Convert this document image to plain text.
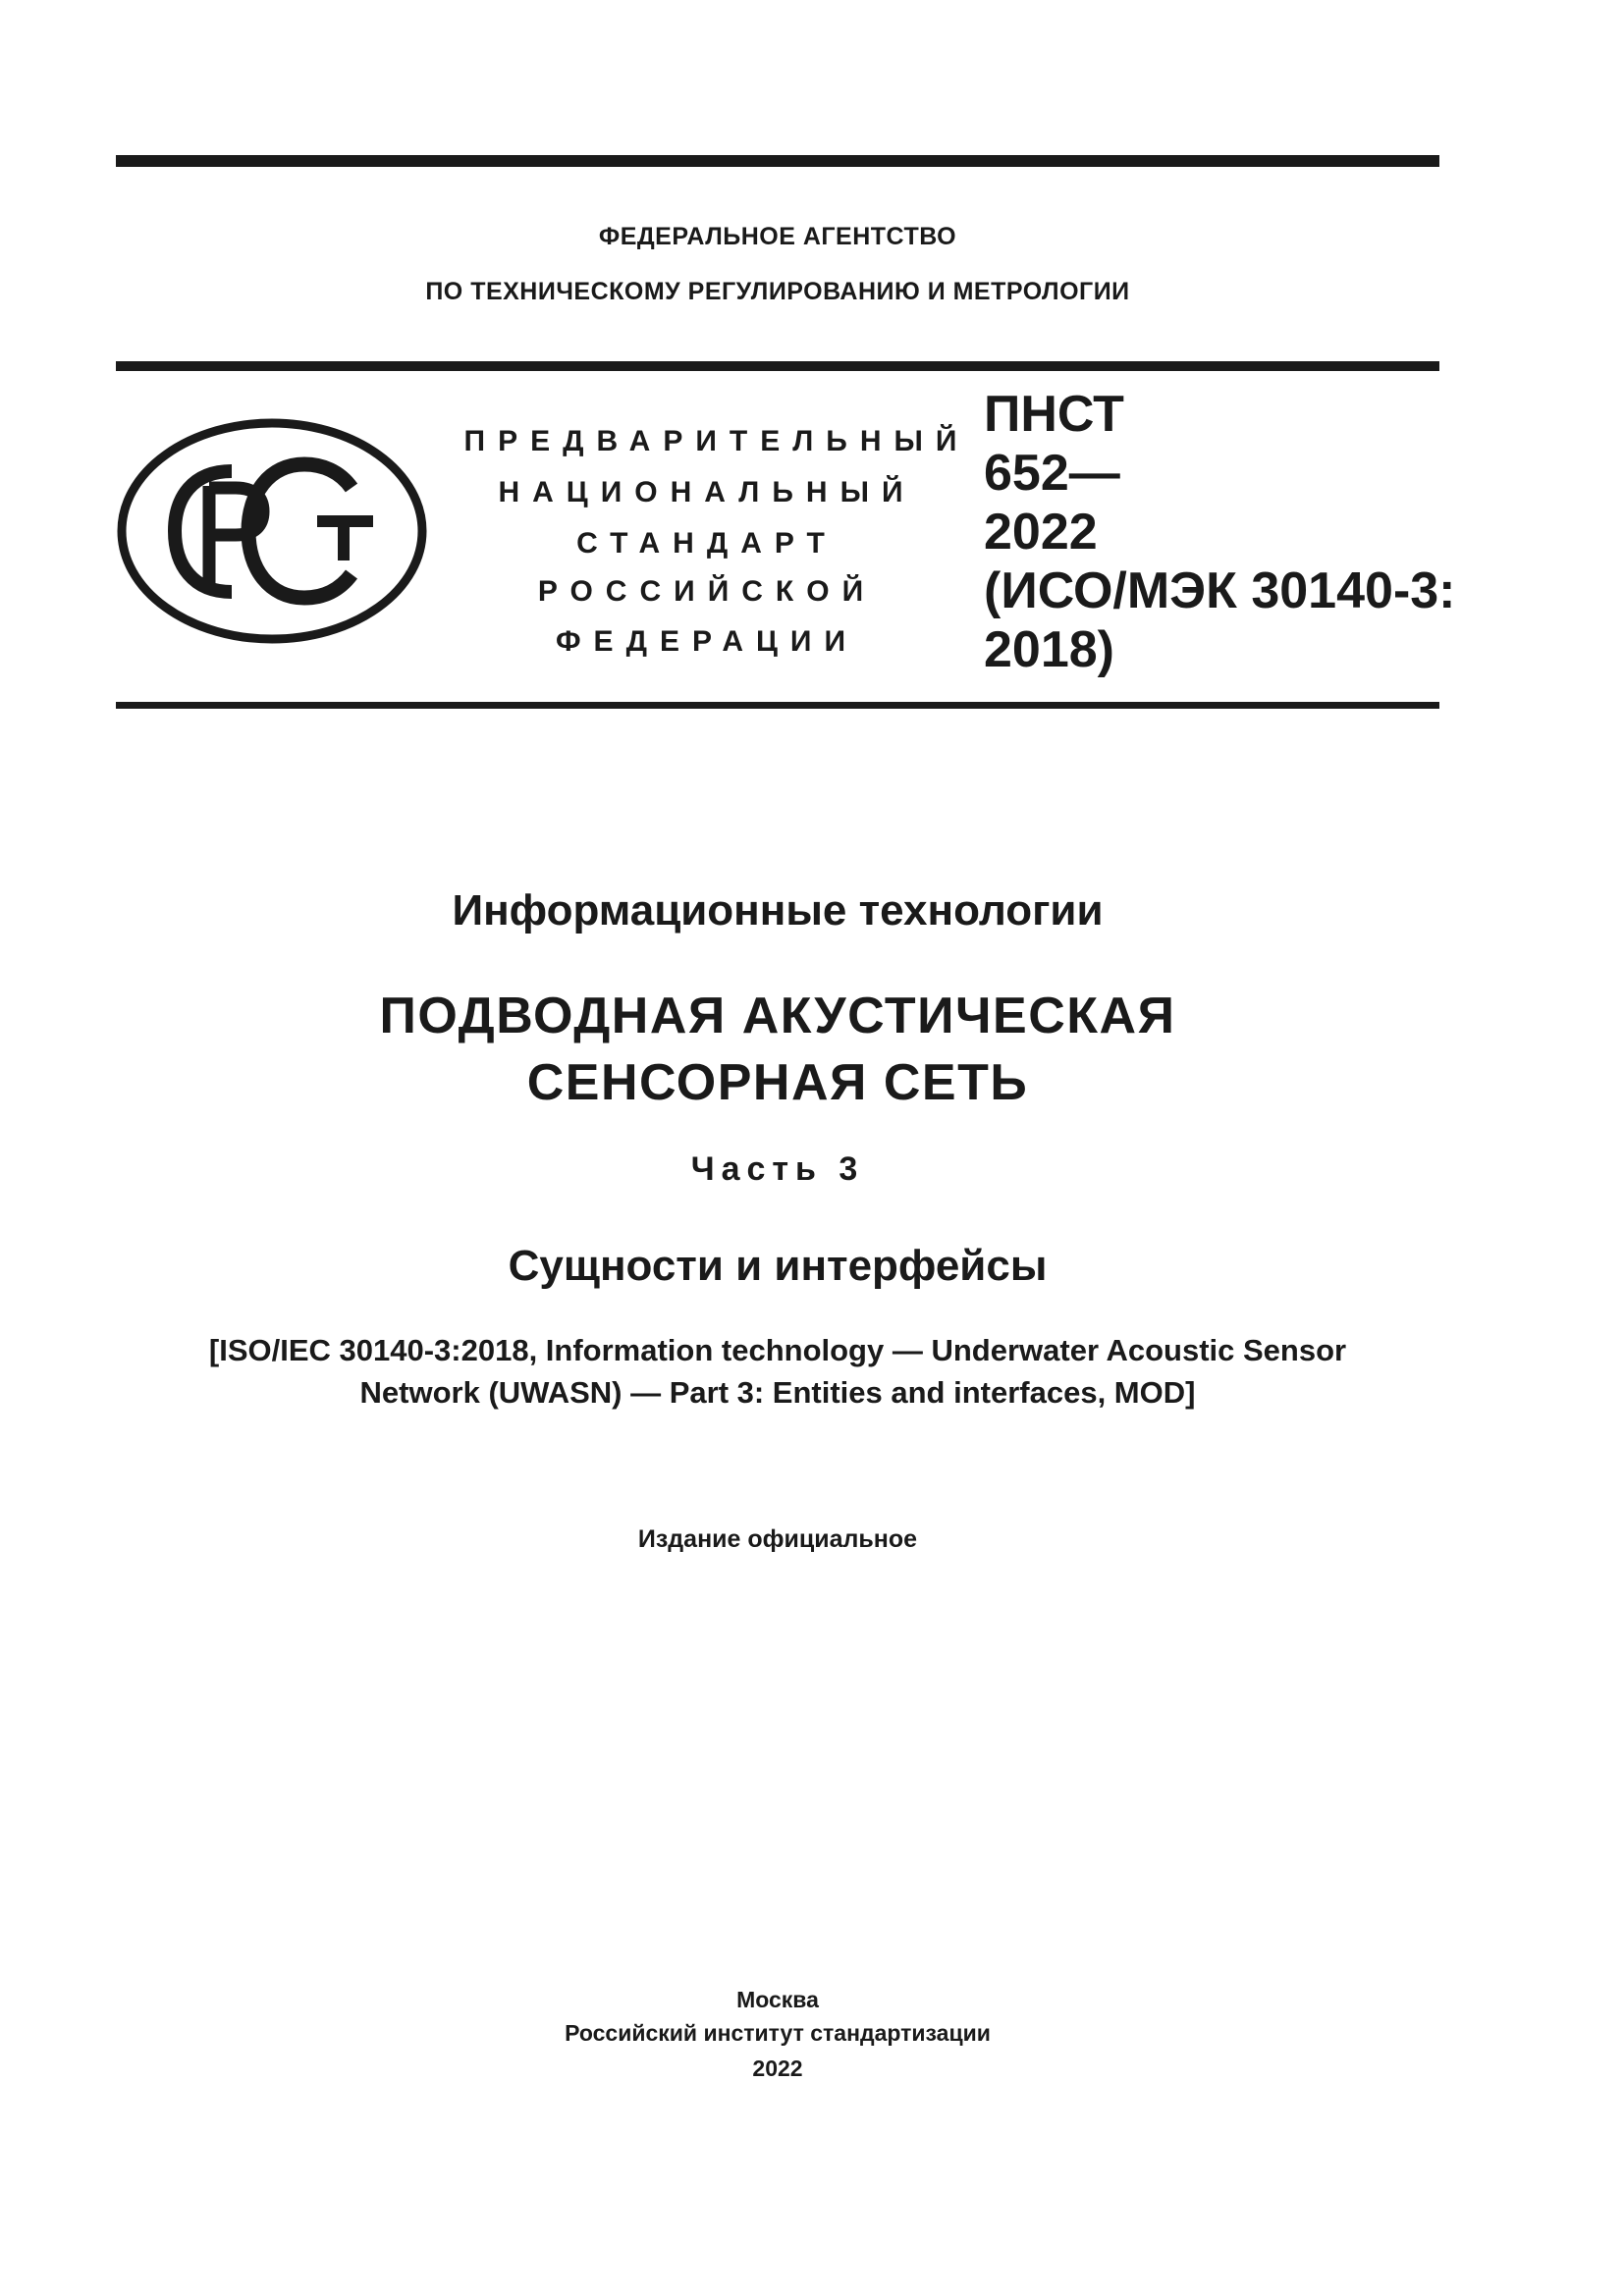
ФЕДЕРАЛЬНОЕ АГЕНТСТВО
ПО ТЕХНИЧЕСКОМУ РЕГУЛИРОВАНИЮ И МЕТРОЛОГИИ
ПРЕДВАРИТЕЛЬНЫЙ
НАЦИОНАЛЬНЫЙ
СТАНДАРТ
РОССИЙСКОЙ
ФЕДЕРАЦИИ
ПНСТ
652—
2022
(ИСО/МЭК 30140-3:
2018)
Информационные технологии
ПОДВОДНАЯ АКУСТИЧЕСКАЯ
СЕНСОРНАЯ СЕТЬ
Часть 3
Сущности и интерфейсы
[ISO/IEC 30140-3:2018, Information technology — Underwater Acoustic Sensor
Network (UWASN) — Part 3: Entities and interfaces, MOD]
Издание официальное
Москва
Российский институт стандартизации
2022
